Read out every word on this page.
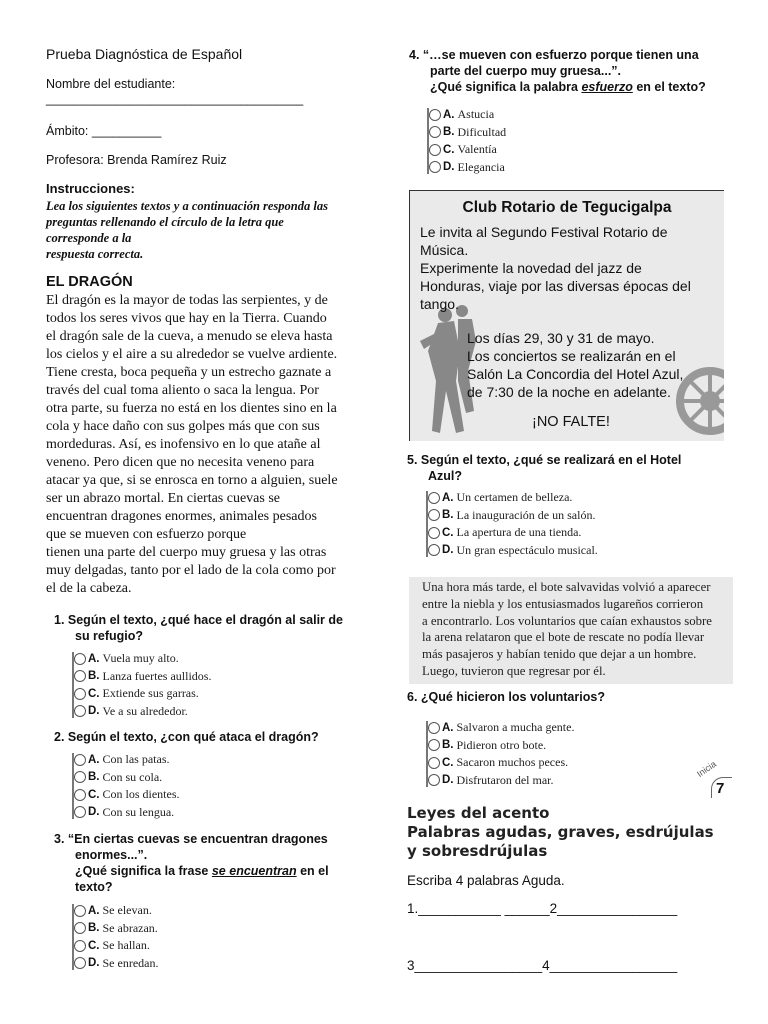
Prueba Diagnóstica de Español
Nombre del estudiante:
_____________________________________
Ámbito: __________
Profesora: Brenda Ramírez Ruiz
Instrucciones:
Lea los siguientes textos y a continuación responda las
preguntas rellenando el círculo de la letra que
corresponde a la
respuesta correcta.
EL DRAGÓN
El dragón es la mayor de todas las serpientes, y de
todos los seres vivos que hay en la Tierra. Cuando
el dragón sale de la cueva, a menudo se eleva hasta
los cielos y el aire a su alrededor se vuelve ardiente.
Tiene cresta, boca pequeña y un estrecho gaznate a
través del cual toma aliento o saca la lengua. Por
otra parte, su fuerza no está en los dientes sino en la
cola y hace daño con sus golpes más que con sus
mordeduras. Así, es inofensivo en lo que atañe al
veneno. Pero dicen que no necesita veneno para
atacar ya que, si se enrosca en torno a alguien, suele
ser un abrazo mortal. En ciertas cuevas se
encuentran dragones enormes, animales pesados
que se mueven con esfuerzo porque
tienen una parte del cuerpo muy gruesa y las otras
muy delgadas, tanto por el lado de la cola como por
el de la cabeza.
1. Según el texto, ¿qué hace el dragón al salir de
su refugio?
A. Vuela muy alto.
B. Lanza fuertes aullidos.
C. Extiende sus garras.
D. Ve a su alrededor.
2. Según el texto, ¿con qué ataca el dragón?
A. Con las patas.
B. Con su cola.
C. Con los dientes.
D. Con su lengua.
3. “En ciertas cuevas se encuentran dragones
enormes...”.
¿Qué significa la frase se encuentran en el
texto?
A. Se elevan.
B. Se abrazan.
C. Se hallan.
D. Se enredan.
4. “…se mueven con esfuerzo porque tienen una
parte del cuerpo muy gruesa...”.
¿Qué significa la palabra esfuerzo en el texto?
A. Astucia
B. Dificultad
C. Valentía
D. Elegancia
Club Rotario de Tegucigalpa
Le invita al Segundo Festival Rotario de
Música.
Experimente la novedad del jazz de
Honduras, viaje por las diversas épocas del
tango.
Los días 29, 30 y 31 de mayo.
Los conciertos se realizarán en el
Salón La Concordia del Hotel Azul,
de 7:30 de la noche en adelante.
¡NO FALTE!
5. Según el texto, ¿qué se realizará en el Hotel
Azul?
A. Un certamen de belleza.
B. La inauguración de un salón.
C. La apertura de una tienda.
D. Un gran espectáculo musical.
Una hora más tarde, el bote salvavidas volvió a aparecer
entre la niebla y los entusiasmados lugareños corrieron
a encontrarlo. Los voluntarios que caían exhaustos sobre
la arena relataron que el bote de rescate no podía llevar
más pasajeros y habían tenido que dejar a un hombre.
Luego, tuvieron que regresar por él.
6. ¿Qué hicieron los voluntarios?
A. Salvaron a mucha gente.
B. Pidieron otro bote.
C. Sacaron muchos peces.
D. Disfrutaron del mar.
Inicia
7
Leyes del acento
Palabras agudas, graves, esdrújulas
y sobresdrújulas
Escriba 4 palabras Aguda.
1.___________ ______2________________
3_________________4_________________
